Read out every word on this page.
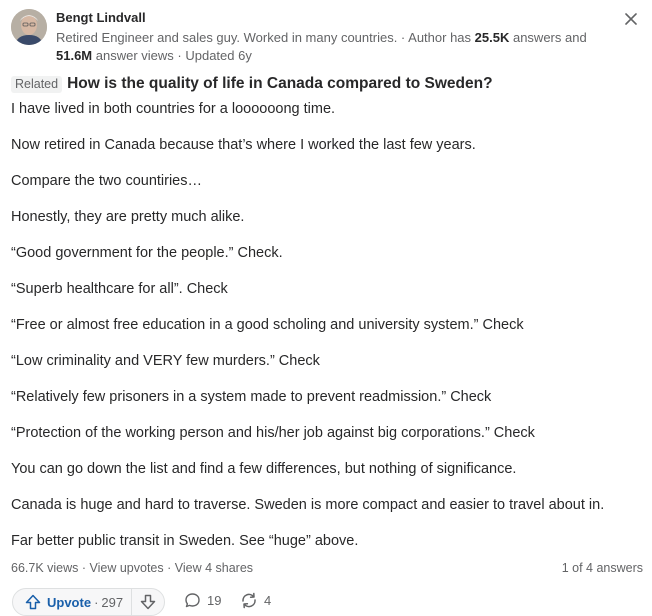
Bengt Lindvall
Retired Engineer and sales guy. Worked in many countries. · Author has 25.5K answers and 51.6M answer views · Updated 6y
Related How is the quality of life in Canada compared to Sweden?

I have lived in both countries for a loooooong time.

Now retired in Canada because that’s where I worked the last few years.

Compare the two countiries…

Honestly, they are pretty much alike.

“Good government for the people.” Check.

“Superb healthcare for all”. Check

“Free or almost free education in a good scholing and university system.” Check

“Low criminality and VERY few murders.” Check

“Relatively few prisoners in a system made to prevent readmission.” Check

“Protection of the working person and his/her job against big corporations.” Check

You can go down the list and find a few differences, but nothing of significance.

Canada is huge and hard to traverse. Sweden is more compact and easier to travel about in.

Far better public transit in Sweden. See “huge” above.

66.7K views · View upvotes · View 4 shares	1 of 4 answers
Upvote · 297	19	4
